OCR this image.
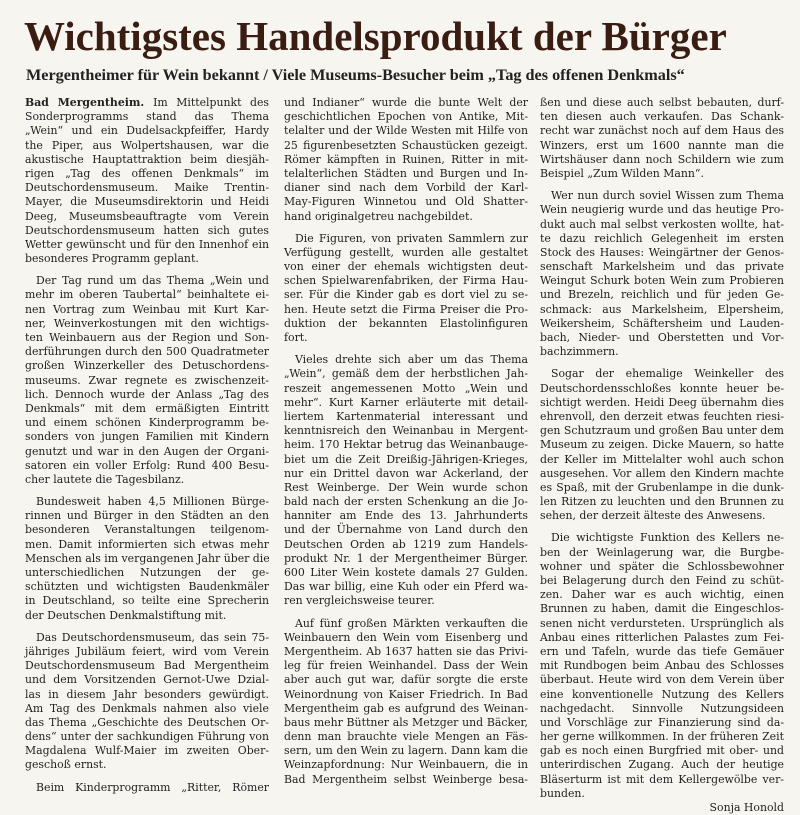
Wichtigstes Handelsprodukt der Bürger
Mergentheimer für Wein bekannt / Viele Museums-Besucher beim „Tag des offenen Denkmals“
Bad Mergentheim. Im Mittelpunkt des
Sonderprogramms stand das Thema
„Wein“ und ein Dudelsackpfeiffer, Hardy
the Piper, aus Wolpertshausen, war die
akustische Hauptattraktion beim diesjäh-
rigen „Tag des offenen Denkmals“ im
Deutschordensmuseum. Maike Trentin-
Mayer, die Museumsdirektorin und Heidi
Deeg, Museumsbeauftragte vom Verein
Deutschordensmuseum hatten sich gutes
Wetter gewünscht und für den Innenhof ein
besonderes Programm geplant.
Der Tag rund um das Thema „Wein und
mehr im oberen Taubertal“ beinhaltete ei-
nen Vortrag zum Weinbau mit Kurt Kar-
ner, Weinverkostungen mit den wichtigs-
ten Weinbauern aus der Region und Son-
derführungen durch den 500 Quadratmeter
großen Winzerkeller des Detuschordens-
museums. Zwar regnete es zwischenzeit-
lich. Dennoch wurde der Anlass „Tag des
Denkmals“ mit dem ermäßigten Eintritt
und einem schönen Kinderprogramm be-
sonders von jungen Familien mit Kindern
genutzt und war in den Augen der Organi-
satoren ein voller Erfolg: Rund 400 Besu-
cher lautete die Tagesbilanz.
Bundesweit haben 4,5 Millionen Bürge-
rinnen und Bürger in den Städten an den
besonderen Veranstaltungen teilgenom-
men. Damit informierten sich etwas mehr
Menschen als im vergangenen Jahr über die
unterschiedlichen Nutzungen der ge-
schützten und wichtigsten Baudenkmäler
in Deutschland, so teilte eine Sprecherin
der Deutschen Denkmalstiftung mit.
Das Deutschordensmuseum, das sein 75-
jähriges Jubiläum feiert, wird vom Verein
Deutschordensmuseum Bad Mergentheim
und dem Vorsitzenden Gernot-Uwe Dzial-
las in diesem Jahr besonders gewürdigt.
Am Tag des Denkmals nahmen also viele
das Thema „Geschichte des Deutschen Or-
dens“ unter der sachkundigen Führung von
Magdalena Wulf-Maier im zweiten Ober-
geschoß ernst.
Beim Kinderprogramm „Ritter, Römer
und Indianer“ wurde die bunte Welt der
geschichtlichen Epochen von Antike, Mit-
telalter und der Wilde Westen mit Hilfe von
25 figurenbesetzten Schaustücken gezeigt.
Römer kämpften in Ruinen, Ritter in mit-
telalterlichen Städten und Burgen und In-
dianer sind nach dem Vorbild der Karl-
May-Figuren Winnetou und Old Shatter-
hand originalgetreu nachgebildet.
Die Figuren, von privaten Sammlern zur
Verfügung gestellt, wurden alle gestaltet
von einer der ehemals wichtigsten deut-
schen Spielwarenfabriken, der Firma Hau-
ser. Für die Kinder gab es dort viel zu se-
hen. Heute setzt die Firma Preiser die Pro-
duktion der bekannten Elastolinfiguren
fort.
Vieles drehte sich aber um das Thema
„Wein“, gemäß dem der herbstlichen Jah-
reszeit angemessenen Motto „Wein und
mehr“. Kurt Karner erläuterte mit detail-
liertem Kartenmaterial interessant und
kenntnisreich den Weinanbau in Mergent-
heim. 170 Hektar betrug das Weinanbauge-
biet um die Zeit Dreißig-Jährigen-Krieges,
nur ein Drittel davon war Ackerland, der
Rest Weinberge. Der Wein wurde schon
bald nach der ersten Schenkung an die Jo-
hanniter am Ende des 13. Jahrhunderts
und der Übernahme von Land durch den
Deutschen Orden ab 1219 zum Handels-
produkt Nr. 1 der Mergentheimer Bürger.
600 Liter Wein kostete damals 27 Gulden.
Das war billig, eine Kuh oder ein Pferd wa-
ren vergleichsweise teurer.
Auf fünf großen Märkten verkauften die
Weinbauern den Wein vom Eisenberg und
Mergentheim. Ab 1637 hatten sie das Privi-
leg für freien Weinhandel. Dass der Wein
aber auch gut war, dafür sorgte die erste
Weinordnung von Kaiser Friedrich. In Bad
Mergentheim gab es aufgrund des Weinan-
baus mehr Büttner als Metzger und Bäcker,
denn man brauchte viele Mengen an Fäs-
sern, um den Wein zu lagern. Dann kam die
Weinzapfordnung: Nur Weinbauern, die in
Bad Mergentheim selbst Weinberge besa-
ßen und diese auch selbst bebauten, durf-
ten diesen auch verkaufen. Das Schank-
recht war zunächst noch auf dem Haus des
Winzers, erst um 1600 nannte man die
Wirtshäuser dann noch Schildern wie zum
Beispiel „Zum Wilden Mann“.
Wer nun durch soviel Wissen zum Thema
Wein neugierig wurde und das heutige Pro-
dukt auch mal selbst verkosten wollte, hat-
te dazu reichlich Gelegenheit im ersten
Stock des Hauses: Weingärtner der Genos-
senschaft Markelsheim und das private
Weingut Schurk boten Wein zum Probieren
und Brezeln, reichlich und für jeden Ge-
schmack: aus Markelsheim, Elpersheim,
Weikersheim, Schäftersheim und Lauden-
bach, Nieder- und Oberstetten und Vor-
bachzimmern.
Sogar der ehemalige Weinkeller des
Deutschordensschloßes konnte heuer be-
sichtigt werden. Heidi Deeg übernahm dies
ehrenvoll, den derzeit etwas feuchten riesi-
gen Schutzraum und großen Bau unter dem
Museum zu zeigen. Dicke Mauern, so hatte
der Keller im Mittelalter wohl auch schon
ausgesehen. Vor allem den Kindern machte
es Spaß, mit der Grubenlampe in die dunk-
len Ritzen zu leuchten und den Brunnen zu
sehen, der derzeit älteste des Anwesens.
Die wichtigste Funktion des Kellers ne-
ben der Weinlagerung war, die Burgbe-
wohner und später die Schlossbewohner
bei Belagerung durch den Feind zu schüt-
zen. Daher war es auch wichtig, einen
Brunnen zu haben, damit die Eingeschlos-
senen nicht verdursteten. Ursprünglich als
Anbau eines ritterlichen Palastes zum Fei-
ern und Tafeln, wurde das tiefe Gemäuer
mit Rundbogen beim Anbau des Schlosses
überbaut. Heute wird von dem Verein über
eine konventionelle Nutzung des Kellers
nachgedacht. Sinnvolle Nutzungsideen
und Vorschläge zur Finanzierung sind da-
her gerne willkommen. In der früheren Zeit
gab es noch einen Burgfried mit ober- und
unterirdischen Zugang. Auch der heutige
Bläserturm ist mit dem Kellergewölbe ver-
bunden.
Sonja Honold
